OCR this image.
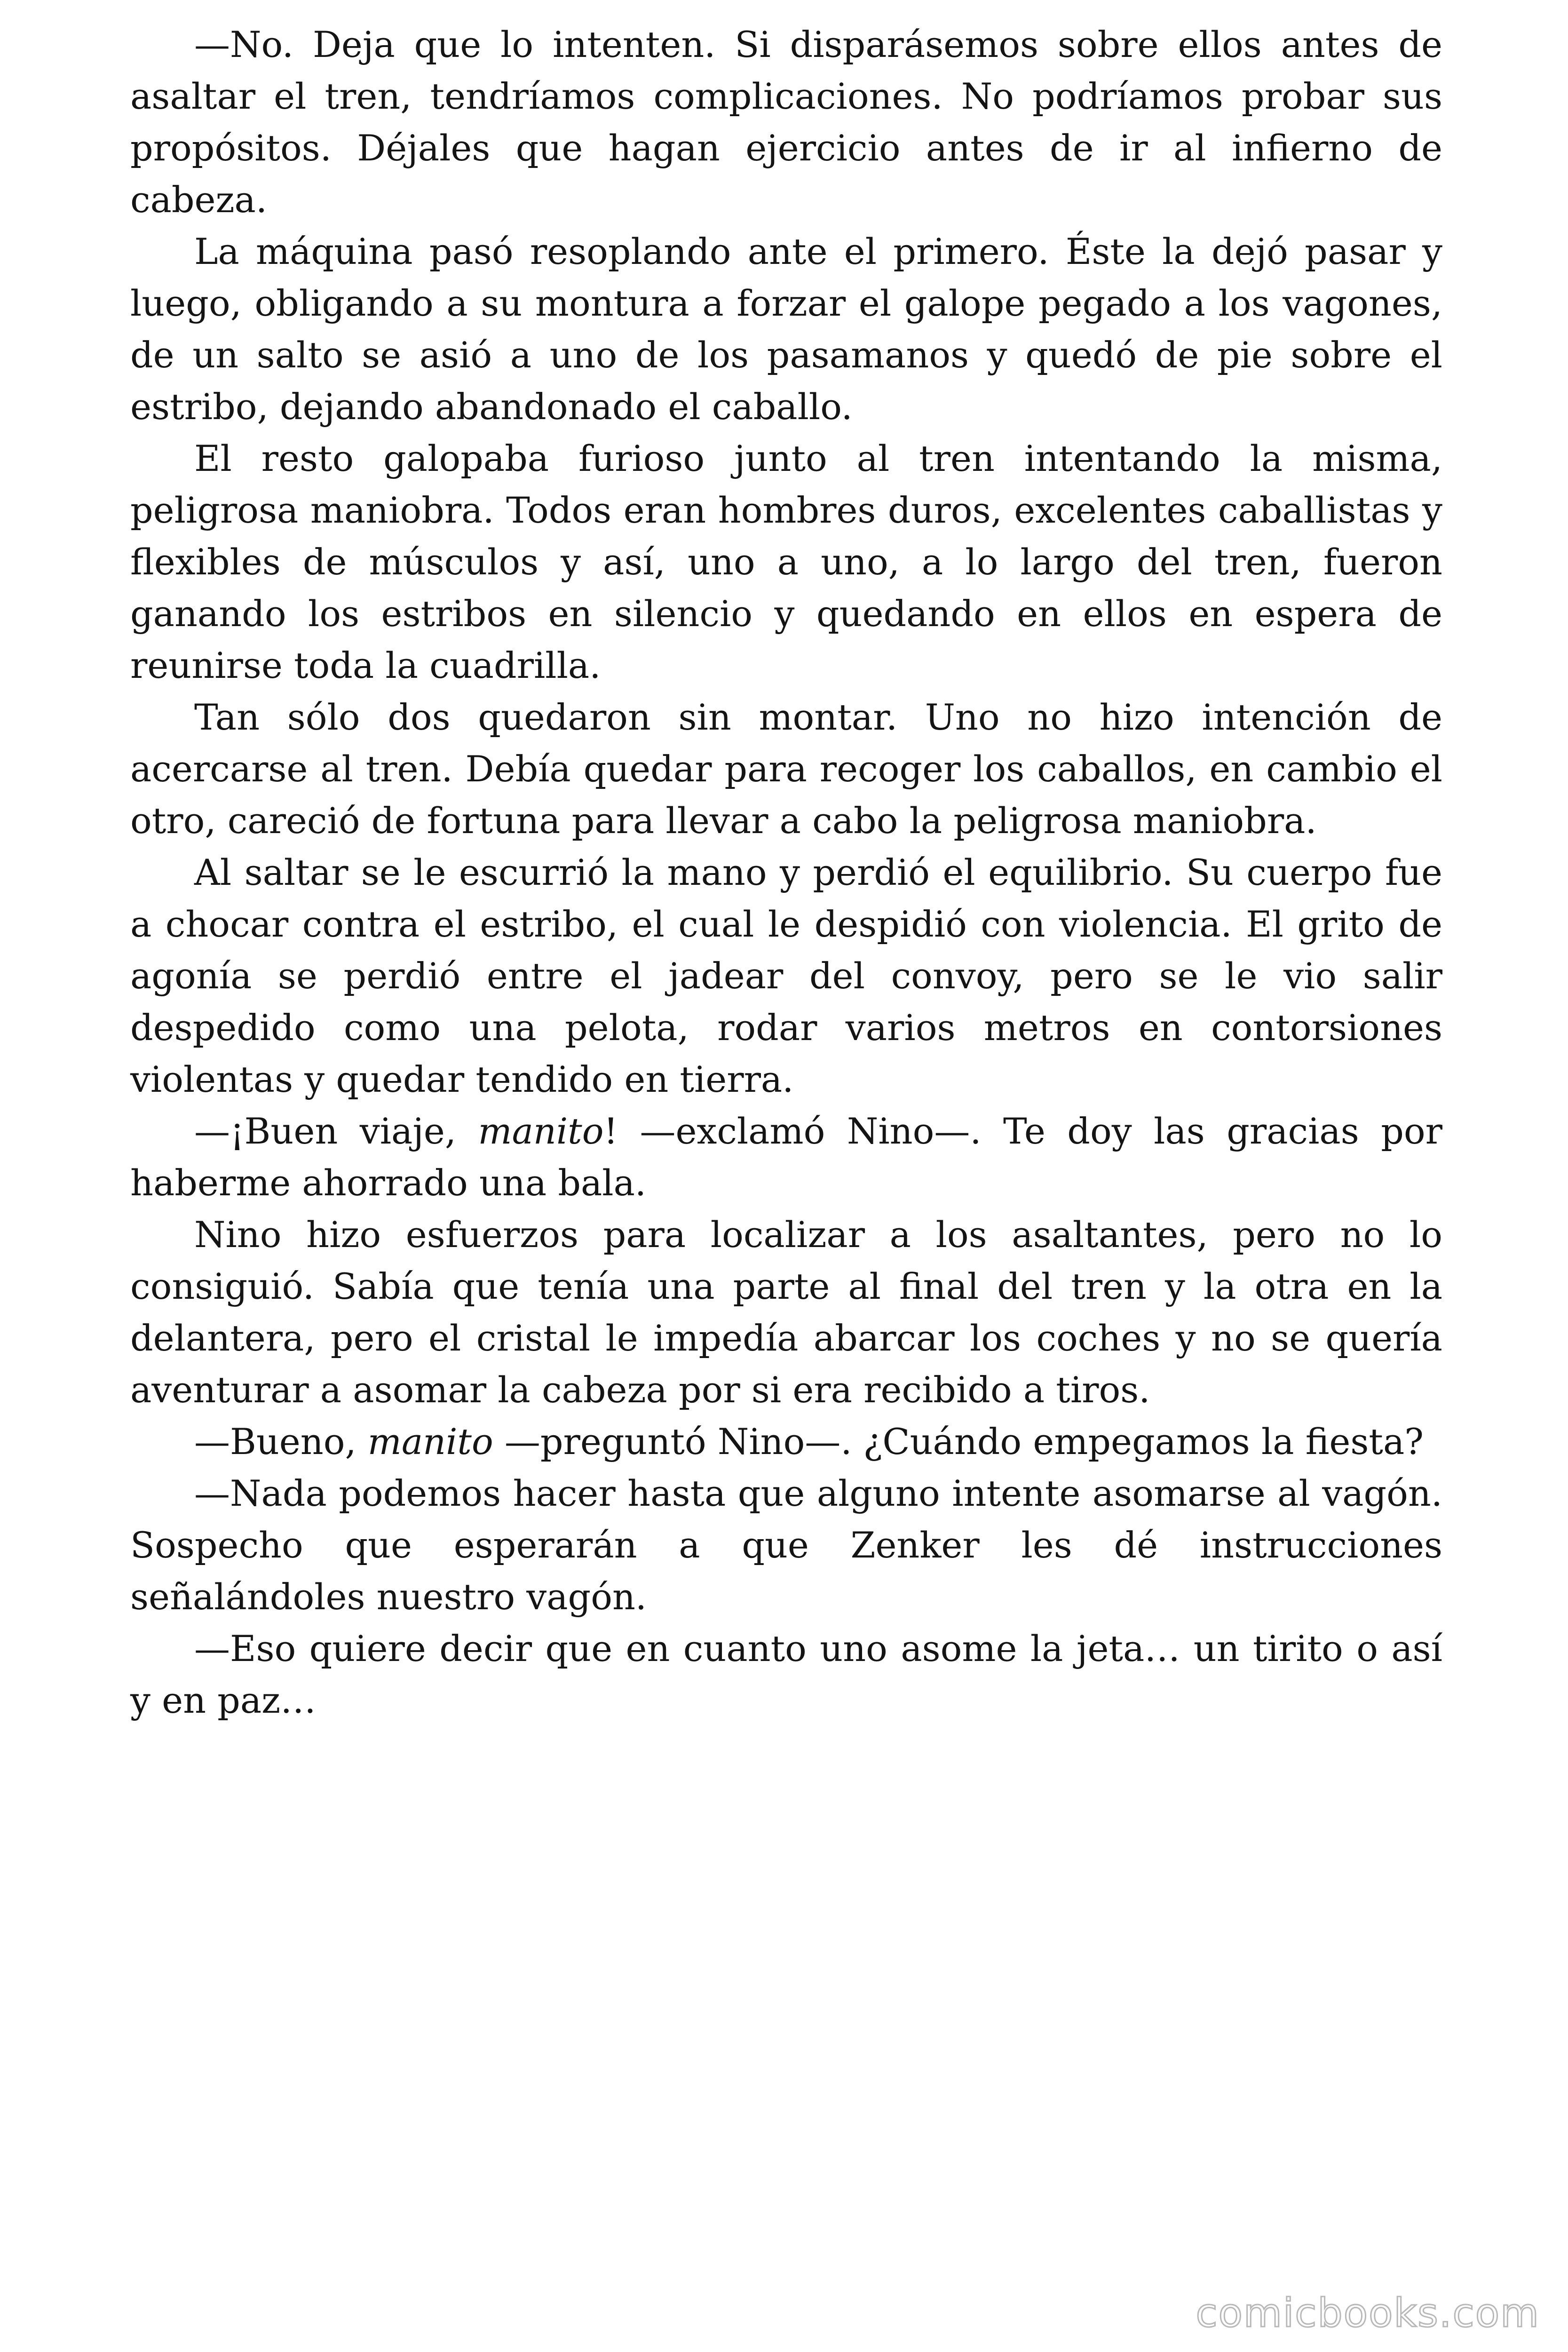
—No. Deja que lo intenten. Si disparásemos sobre ellos antes de asaltar el tren, tendríamos complicaciones. No podríamos probar sus propósitos. Déjales que hagan ejercicio antes de ir al infierno de cabeza.

La máquina pasó resoplando ante el primero. Éste la dejó pasar y luego, obligando a su montura a forzar el galope pegado a los vagones, de un salto se asió a uno de los pasamanos y quedó de pie sobre el estribo, dejando abandonado el caballo.

El resto galopaba furioso junto al tren intentando la misma, peligrosa maniobra. Todos eran hombres duros, excelentes caballistas y flexibles de músculos y así, uno a uno, a lo largo del tren, fueron ganando los estribos en silencio y quedando en ellos en espera de reunirse toda la cuadrilla.

Tan sólo dos quedaron sin montar. Uno no hizo intención de acercarse al tren. Debía quedar para recoger los caballos, en cambio el otro, careció de fortuna para llevar a cabo la peligrosa maniobra.

Al saltar se le escurrió la mano y perdió el equilibrio. Su cuerpo fue a chocar contra el estribo, el cual le despidió con violencia. El grito de agonía se perdió entre el jadear del convoy, pero se le vio salir despedido como una pelota, rodar varios metros en contorsiones violentas y quedar tendido en tierra.

—¡Buen viaje, manito! —exclamó Nino—. Te doy las gracias por haberme ahorrado una bala.

Nino hizo esfuerzos para localizar a los asaltantes, pero no lo consiguió. Sabía que tenía una parte al final del tren y la otra en la delantera, pero el cristal le impedía abarcar los coches y no se quería aventurar a asomar la cabeza por si era recibido a tiros.

—Bueno, manito —preguntó Nino—. ¿Cuándo empegamos la fiesta?

—Nada podemos hacer hasta que alguno intente asomarse al vagón. Sospecho que esperarán a que Zenker les dé instrucciones señalándoles nuestro vagón.

—Eso quiere decir que en cuanto uno asome la jeta… un tirito o así y en paz…

comicbooks.com
